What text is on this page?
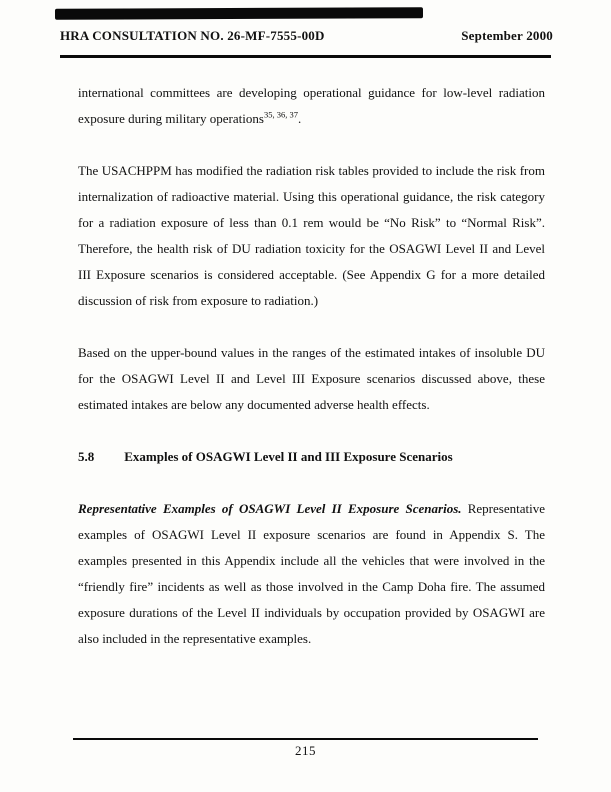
HRA CONSULTATION NO. 26-MF-7555-00D	September 2000

international committees are developing operational guidance for low-level radiation exposure during military operations$^{35, 36, 37}$.

The USACHPPM has modified the radiation risk tables provided to include the risk from internalization of radioactive material. Using this operational guidance, the risk category for a radiation exposure of less than 0.1 rem would be “No Risk” to “Normal Risk”. Therefore, the health risk of DU radiation toxicity for the OSAGWI Level II and Level III Exposure scenarios is considered acceptable. (See Appendix G for a more detailed discussion of risk from exposure to radiation.)

Based on the upper-bound values in the ranges of the estimated intakes of insoluble DU for the OSAGWI Level II and Level III Exposure scenarios discussed above, these estimated intakes are below any documented adverse health effects.

5.8 Examples of OSAGWI Level II and III Exposure Scenarios

Representative Examples of OSAGWI Level II Exposure Scenarios. Representative examples of OSAGWI Level II exposure scenarios are found in Appendix S. The examples presented in this Appendix include all the vehicles that were involved in the “friendly fire” incidents as well as those involved in the Camp Doha fire. The assumed exposure durations of the Level II individuals by occupation provided by OSAGWI are also included in the representative examples.

215
